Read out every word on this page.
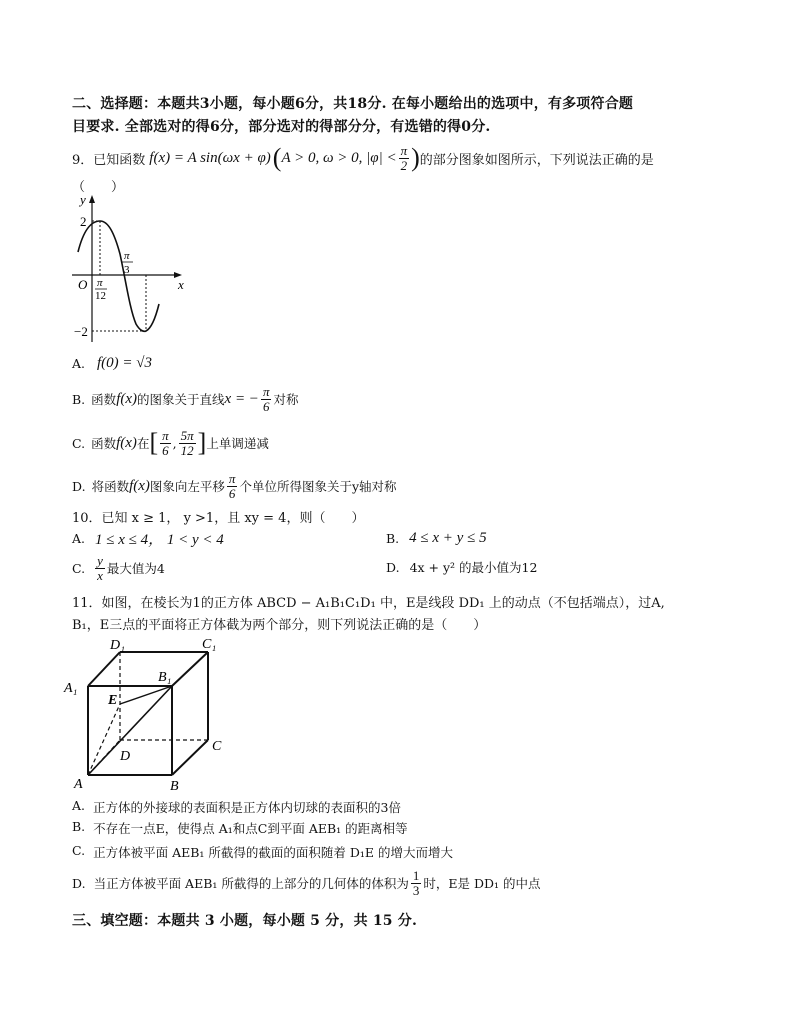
二、选择题：本题共3小题，每小题6分，共18分. 在每小题给出的选项中，有多项符合题
目要求. 全部选对的得6分，部分选对的得部分分，有选错的得0分.
9．已知函数 f(x) = A sin(ωx + φ) ( A > 0, ω > 0, $|\varphi| < \frac{\pi}{2}$ ) 的部分图象如图所示，下列说法正确的是
（　　）
y
x
O
2
−2
π
12
π
3
A. f(0) = √3
B. 函数 f(x) 的图象关于直线 x = − $\frac{\pi}{6}$ 对称
C. 函数 f(x) 在 [ $\frac{\pi}{6}$ , $\frac{5\pi}{12}$ ] 上单调递减
D. 将函数 f(x) 图象向左平移 $\frac{\pi}{6}$ 个单位所得图象关于y轴对称
10．已知 x ≥ 1， y >1，且 xy = 4，则（　　）
A. 1 ≤ x ≤ 4， 1 < y < 4	B. 4 ≤ x + y ≤ 5
C. $\frac{y}{x}$ 最大值为4	D. 4x + y² 的最小值为12
11．如图，在棱长为1的正方体 ABCD − A₁B₁C₁D₁ 中，E是线段 DD₁ 上的动点（不包括端点），过A,
B₁，E三点的平面将正方体截为两个部分，则下列说法正确的是（　　）
D₁	C₁
A₁
B₁
E
D
C
A	B
A. 正方体的外接球的表面积是正方体内切球的表面积的3倍
B. 不存在一点E，使得点 A₁和点C到平面 AEB₁ 的距离相等
C. 正方体被平面 AEB₁ 所截得的截面的面积随着 D₁E 的增大而增大
D. 当正方体被平面 AEB₁ 所截得的上部分的几何体的体积为 $\frac{1}{3}$ 时，E是 DD₁ 的中点
三、填空题：本题共 3 小题，每小题 5 分，共 15 分.
